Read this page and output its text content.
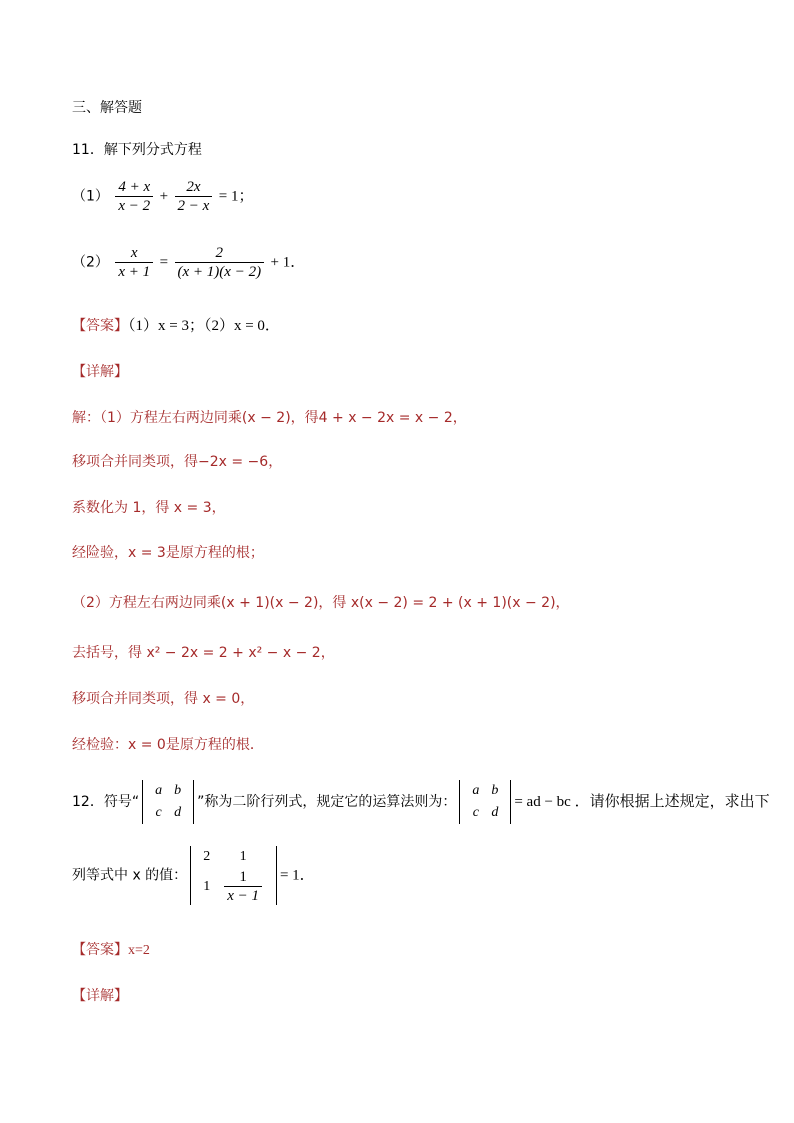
三、解答题
11．解下列分式方程
$(1) \frac{4 + x}{x - 2} + \frac{2x}{2 - x} = 1$；
$(2) \frac{x}{x + 1} = \frac{2}{(x + 1)(x - 2)} + 1$．
【答案】（1）x = 3；（2）x = 0．
【详解】
解：（1）方程左右两边同乘(x − 2)，得4 + x − 2x = x − 2，
移项合并同类项，得−2x = −6，
系数化为 1，得 x = 3，
经险验，x = 3是原方程的根；
（2）方程左右两边同乘(x + 1)(x − 2)，得 x(x − 2) = 2 + (x + 1)(x − 2)，
去括号，得 x² − 2x = 2 + x² − x − 2，
移项合并同类项，得 x = 0，
经检验：x = 0是原方程的根．
12．符号“
a	b
c	d
”称为二阶行列式，规定它的运算法则为：
a	b
c	d
= ad − bc ．请你根据上述规定，求出下
列等式中 x 的值：
2	1
1	$\frac{1}{x - 1} = 1$．
【答案】x=2
【详解】
